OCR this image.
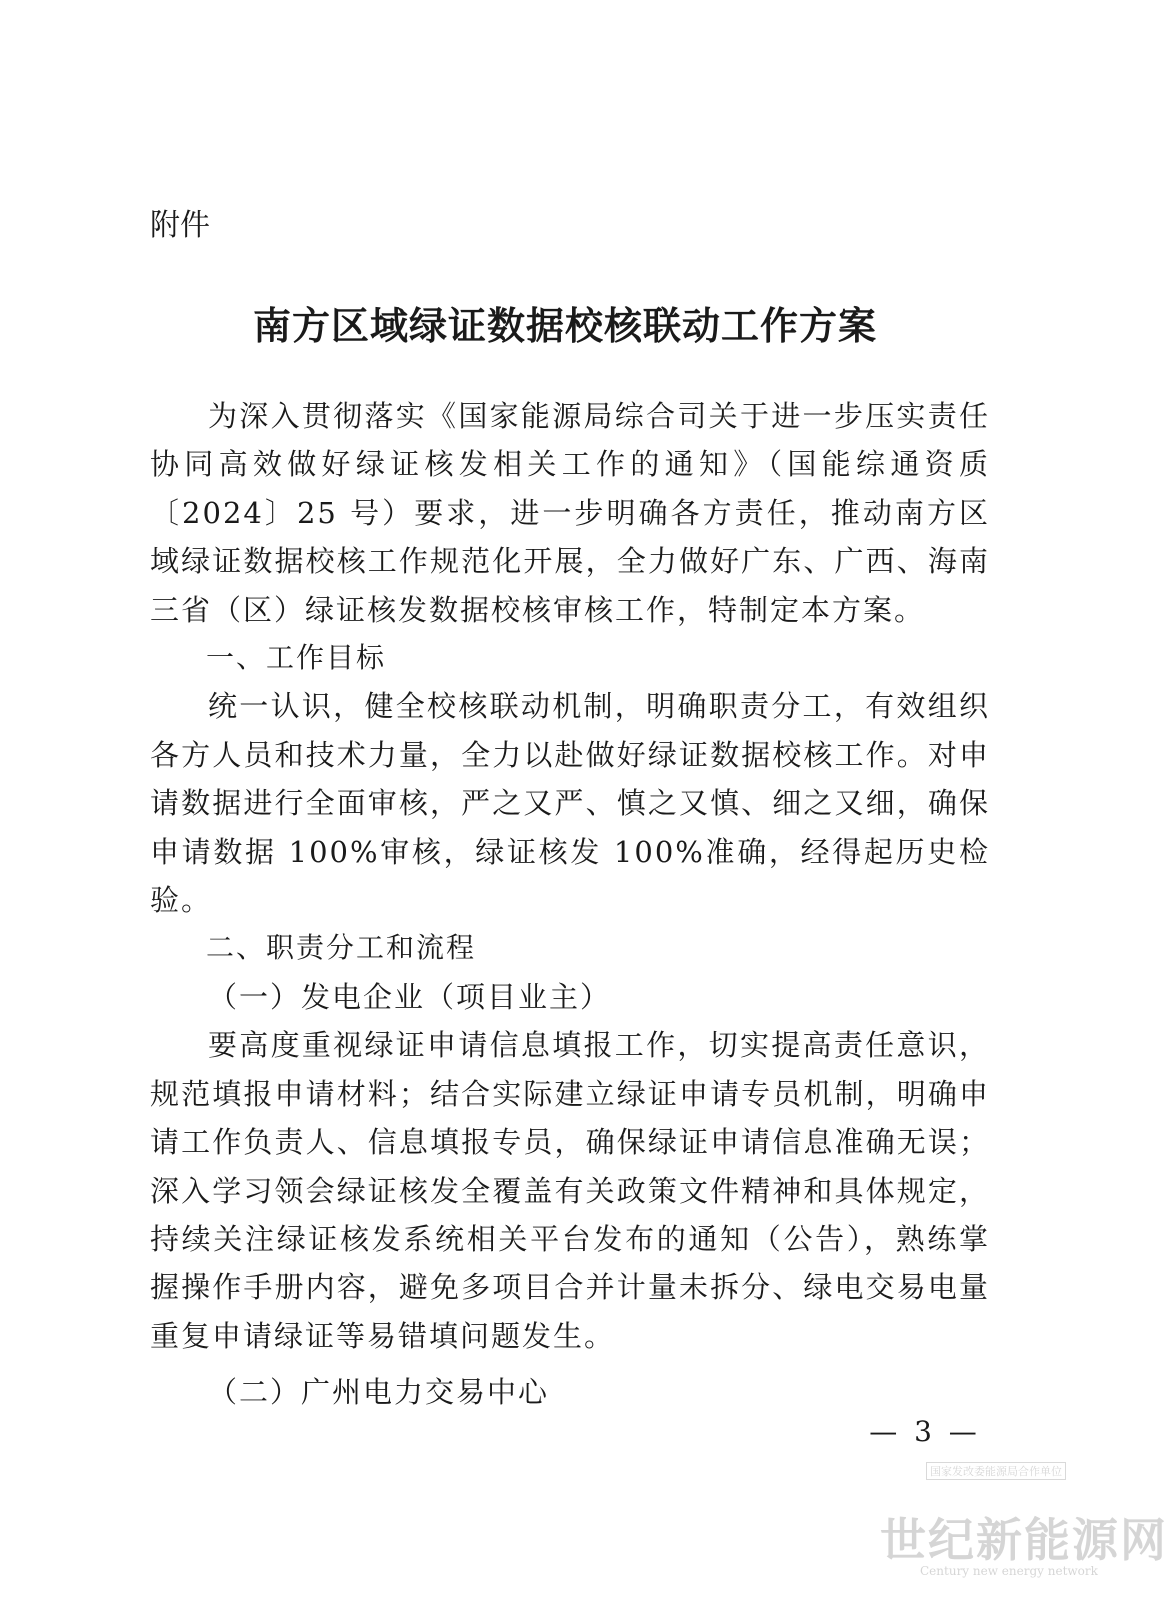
附件
南方区域绿证数据校核联动工作方案

为深入贯彻落实《国家能源局综合司关于进一步压实责任协同高效做好绿证核发相关工作的通知》（国能综通资质〔2024〕25 号）要求，进一步明确各方责任，推动南方区域绿证数据校核工作规范化开展，全力做好广东、广西、海南三省（区）绿证核发数据校核审核工作，特制定本方案。

一、工作目标

统一认识，健全校核联动机制，明确职责分工，有效组织各方人员和技术力量，全力以赴做好绿证数据校核工作。对申请数据进行全面审核，严之又严、慎之又慎、细之又细，确保申请数据 100%审核，绿证核发 100%准确，经得起历史检验。

二、职责分工和流程

（一）发电企业（项目业主）

要高度重视绿证申请信息填报工作，切实提高责任意识，规范填报申请材料；结合实际建立绿证申请专员机制，明确申请工作负责人、信息填报专员，确保绿证申请信息准确无误；深入学习领会绿证核发全覆盖有关政策文件精神和具体规定，持续关注绿证核发系统相关平台发布的通知（公告），熟练掌握操作手册内容，避免多项目合并计量未拆分、绿电交易电量重复申请绿证等易错填问题发生。

（二）广州电力交易中心

— 3 —
国家发改委能源局合作单位
世纪新能源网
Century new energy network
